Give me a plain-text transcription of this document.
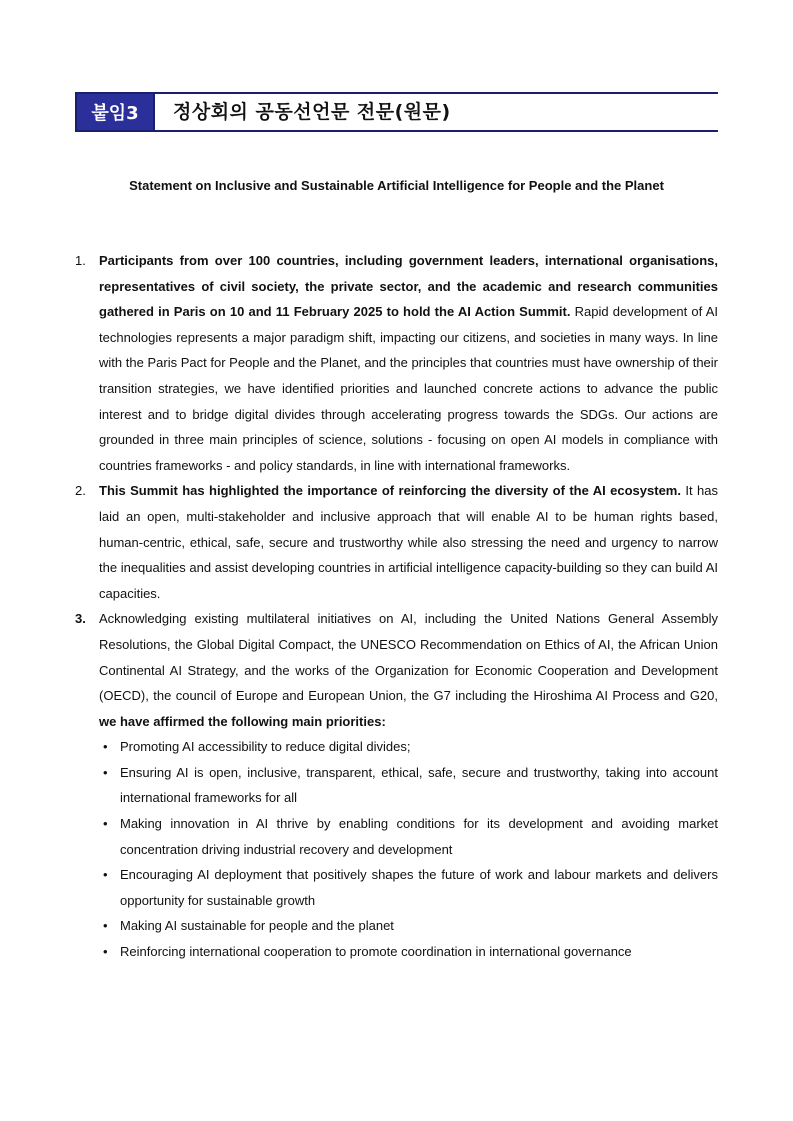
붙임3	정상회의 공동선언문 전문(원문)
Statement on Inclusive and Sustainable Artificial Intelligence for People and the Planet
1. Participants from over 100 countries, including government leaders, international organisations, representatives of civil society, the private sector, and the academic and research communities gathered in Paris on 10 and 11 February 2025 to hold the AI Action Summit. Rapid development of AI technologies represents a major paradigm shift, impacting our citizens, and societies in many ways. In line with the Paris Pact for People and the Planet, and the principles that countries must have ownership of their transition strategies, we have identified priorities and launched concrete actions to advance the public interest and to bridge digital divides through accelerating progress towards the SDGs. Our actions are grounded in three main principles of science, solutions - focusing on open AI models in compliance with countries frameworks - and policy standards, in line with international frameworks.
2. This Summit has highlighted the importance of reinforcing the diversity of the AI ecosystem. It has laid an open, multi-stakeholder and inclusive approach that will enable AI to be human rights based, human-centric, ethical, safe, secure and trustworthy while also stressing the need and urgency to narrow the inequalities and assist developing countries in artificial intelligence capacity-building so they can build AI capacities.
3. Acknowledging existing multilateral initiatives on AI, including the United Nations General Assembly Resolutions, the Global Digital Compact, the UNESCO Recommendation on Ethics of AI, the African Union Continental AI Strategy, and the works of the Organization for Economic Cooperation and Development (OECD), the council of Europe and European Union, the G7 including the Hiroshima AI Process and G20, we have affirmed the following main priorities:
• Promoting AI accessibility to reduce digital divides;
• Ensuring AI is open, inclusive, transparent, ethical, safe, secure and trustworthy, taking into account international frameworks for all
• Making innovation in AI thrive by enabling conditions for its development and avoiding market concentration driving industrial recovery and development
• Encouraging AI deployment that positively shapes the future of work and labour markets and delivers opportunity for sustainable growth
• Making AI sustainable for people and the planet
• Reinforcing international cooperation to promote coordination in international governance
